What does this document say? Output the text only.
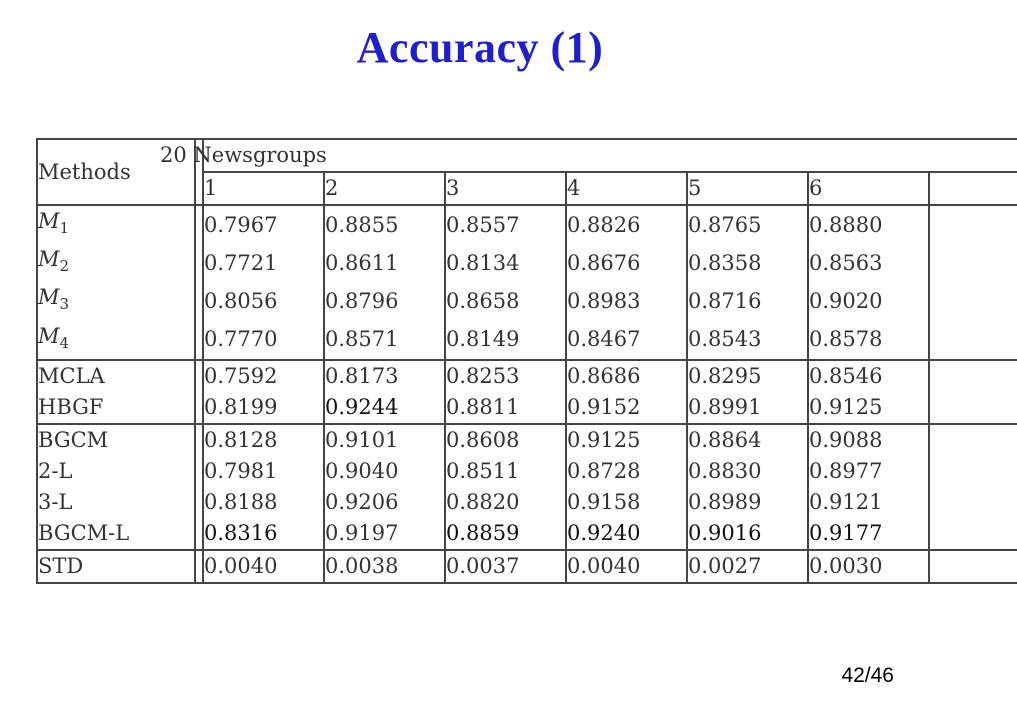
Accuracy (1)
Methods		20 Newsgroups						
		1	2	3	4	5	6	
$M_1$		0.7967	0.8855	0.8557	0.8826	0.8765	0.8880	
$M_2$		0.7721	0.8611	0.8134	0.8676	0.8358	0.8563	
$M_3$		0.8056	0.8796	0.8658	0.8983	0.8716	0.9020	
$M_4$		0.7770	0.8571	0.8149	0.8467	0.8543	0.8578	
MCLA		0.7592	0.8173	0.8253	0.8686	0.8295	0.8546	
HBGF		0.8199	0.9244	0.8811	0.9152	0.8991	0.9125	
BGCM		0.8128	0.9101	0.8608	0.9125	0.8864	0.9088	
2-L		0.7981	0.9040	0.8511	0.8728	0.8830	0.8977	
3-L		0.8188	0.9206	0.8820	0.9158	0.8989	0.9121	
BGCM-L		0.8316	0.9197	0.8859	0.9240	0.9016	0.9177	
STD		0.0040	0.0038	0.0037	0.0040	0.0027	0.0030	
42/46
